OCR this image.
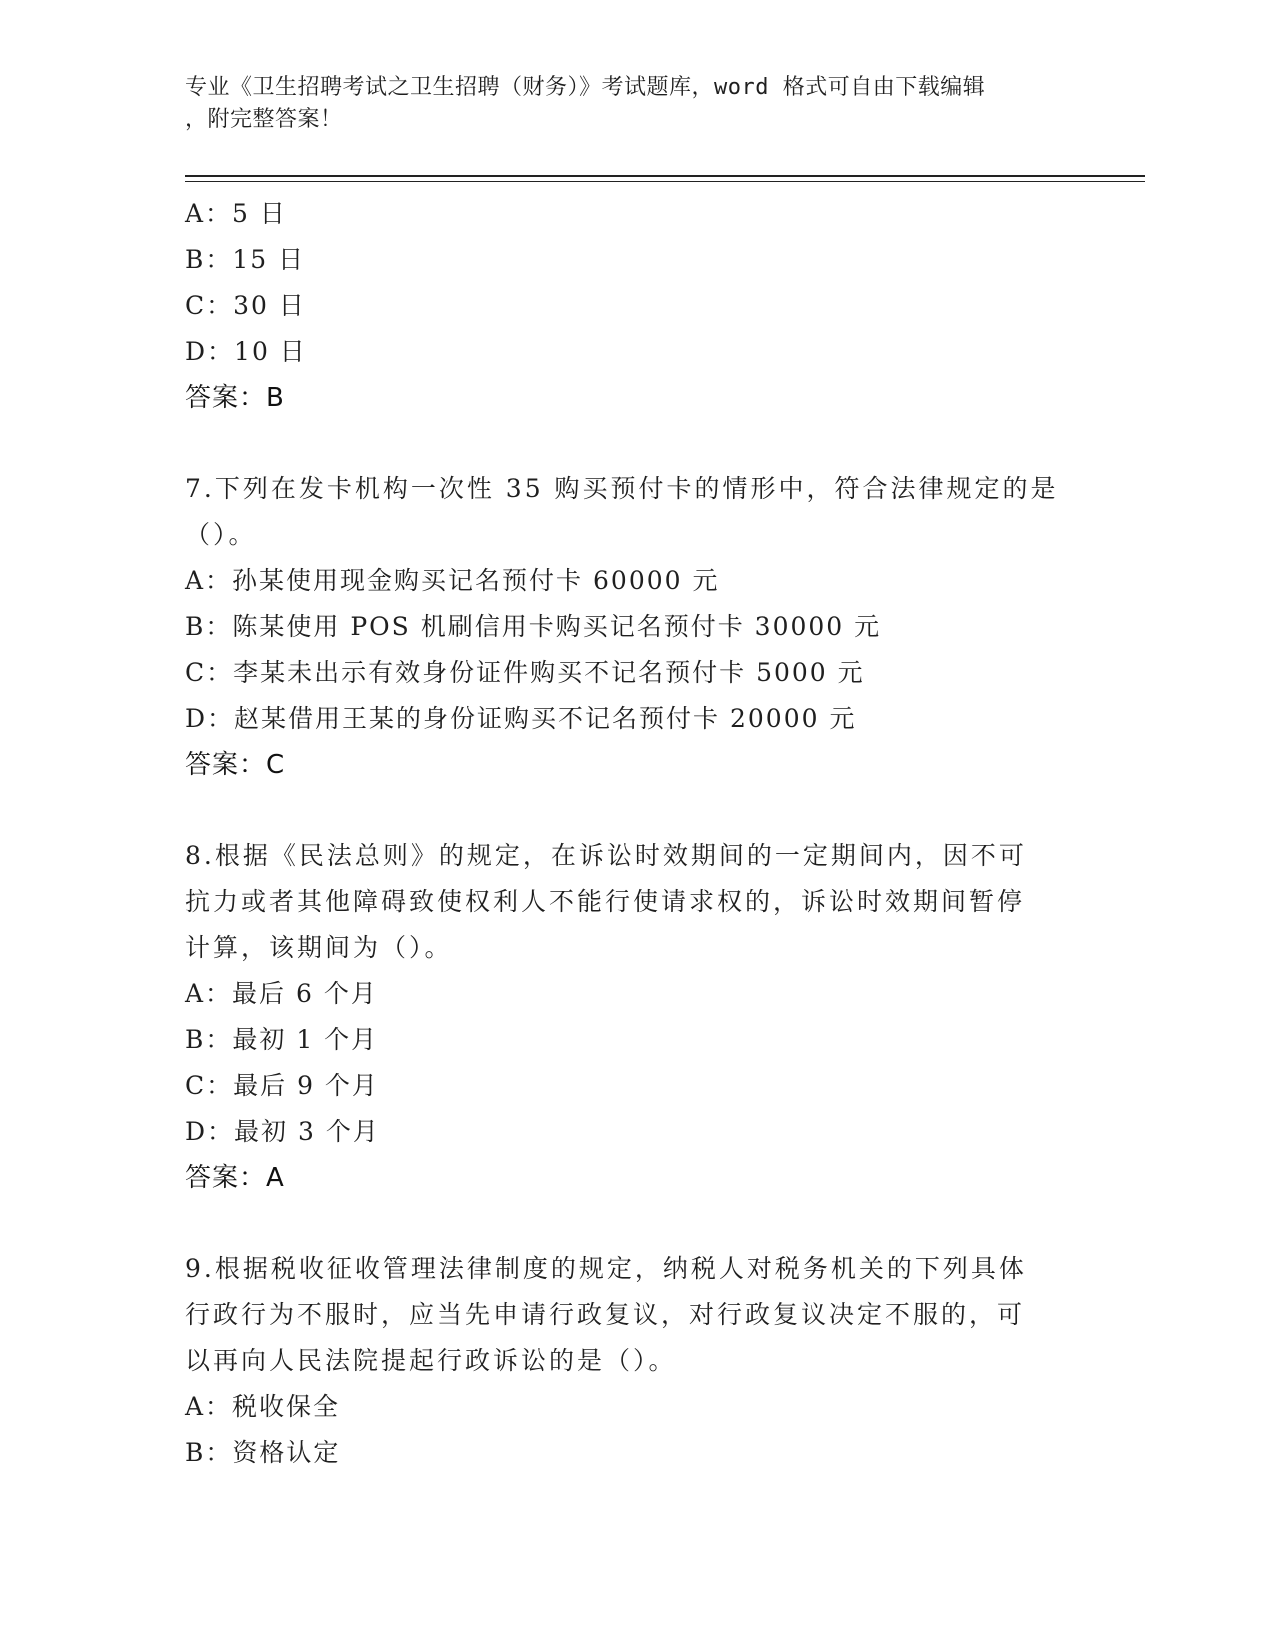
专业《卫生招聘考试之卫生招聘（财务）》考试题库，word 格式可自由下载编辑
，附完整答案！
A：5 日
B：15 日
C：30 日
D：10 日
答案：B
7.下列在发卡机构一次性 35 购买预付卡的情形中，符合法律规定的是
（）。
A：孙某使用现金购买记名预付卡 60000 元
B：陈某使用 POS 机刷信用卡购买记名预付卡 30000 元
C：李某未出示有效身份证件购买不记名预付卡 5000 元
D：赵某借用王某的身份证购买不记名预付卡 20000 元
答案：C
8.根据《民法总则》的规定，在诉讼时效期间的一定期间内，因不可
抗力或者其他障碍致使权利人不能行使请求权的，诉讼时效期间暂停
计算，该期间为（）。
A：最后 6 个月
B：最初 1 个月
C：最后 9 个月
D：最初 3 个月
答案：A
9.根据税收征收管理法律制度的规定，纳税人对税务机关的下列具体
行政行为不服时，应当先申请行政复议，对行政复议决定不服的，可
以再向人民法院提起行政诉讼的是（）。
A：税收保全
B：资格认定
